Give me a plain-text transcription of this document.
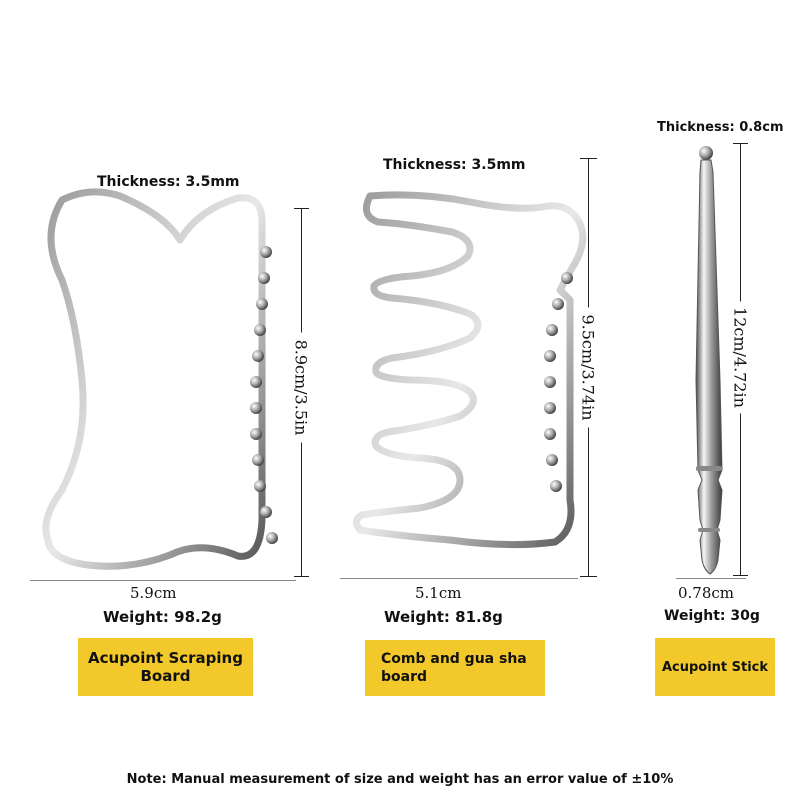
Thickness: 3.5mm
8.9cm/3.5in
5.9cm
Weight: 98.2g
Acupoint Scraping
Board
Thickness: 3.5mm
9.5cm/3.74in
5.1cm
Weight: 81.8g
Comb and gua sha
board
Thickness: 0.8cm
12cm/4.72in
0.78cm
Weight: 30g
Acupoint Stick
Note: Manual measurement of size and weight has an error value of ±10%
